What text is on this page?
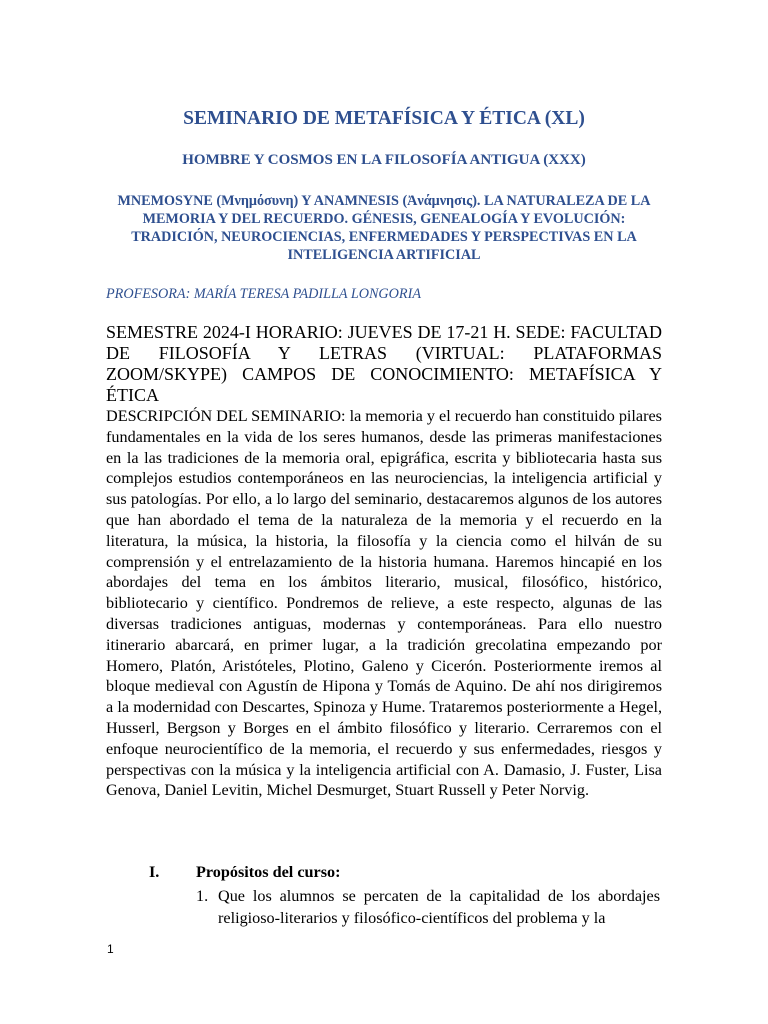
SEMINARIO DE METAFÍSICA Y ÉTICA (XL)
HOMBRE Y COSMOS EN LA FILOSOFÍA ANTIGUA (XXX)
MNEMOSYNE (Μνημόσυνη) Y ANAMNESIS (Ἀνάμνησις). LA NATURALEZA DE LA MEMORIA Y DEL RECUERDO. GÉNESIS, GENEALOGÍA Y EVOLUCIÓN: TRADICIÓN, NEUROCIENCIAS, ENFERMEDADES Y PERSPECTIVAS EN LA INTELIGENCIA ARTIFICIAL

PROFESORA: MARÍA TERESA PADILLA LONGORIA

SEMESTRE 2024-I HORARIO: JUEVES DE 17-21 H. SEDE: FACULTAD DE FILOSOFÍA Y LETRAS (VIRTUAL: PLATAFORMAS ZOOM/SKYPE) CAMPOS DE CONOCIMIENTO: METAFÍSICA Y ÉTICA

DESCRIPCIÓN DEL SEMINARIO: la memoria y el recuerdo han constituido pilares fundamentales en la vida de los seres humanos, desde las primeras manifestaciones en la las tradiciones de la memoria oral, epigráfica, escrita y bibliotecaria hasta sus complejos estudios contemporáneos en las neurociencias, la inteligencia artificial y sus patologías. Por ello, a lo largo del seminario, destacaremos algunos de los autores que han abordado el tema de la naturaleza de la memoria y el recuerdo en la literatura, la música, la historia, la filosofía y la ciencia como el hilván de su comprensión y el entrelazamiento de la historia humana. Haremos hincapié en los abordajes del tema en los ámbitos literario, musical, filosófico, histórico, bibliotecario y científico. Pondremos de relieve, a este respecto, algunas de las diversas tradiciones antiguas, modernas y contemporáneas. Para ello nuestro itinerario abarcará, en primer lugar, a la tradición grecolatina empezando por Homero, Platón, Aristóteles, Plotino, Galeno y Cicerón. Posteriormente iremos al bloque medieval con Agustín de Hipona y Tomás de Aquino. De ahí nos dirigiremos a la modernidad con Descartes, Spinoza y Hume. Trataremos posteriormente a Hegel, Husserl, Bergson y Borges en el ámbito filosófico y literario. Cerraremos con el enfoque neurocientífico de la memoria, el recuerdo y sus enfermedades, riesgos y perspectivas con la música y la inteligencia artificial con A. Damasio, J. Fuster, Lisa Genova, Daniel Levitin, Michel Desmurget, Stuart Russell y Peter Norvig.

I. Propósitos del curso:
1. Que los alumnos se percaten de la capitalidad de los abordajes religioso-literarios y filosófico-científicos del problema y la

1
